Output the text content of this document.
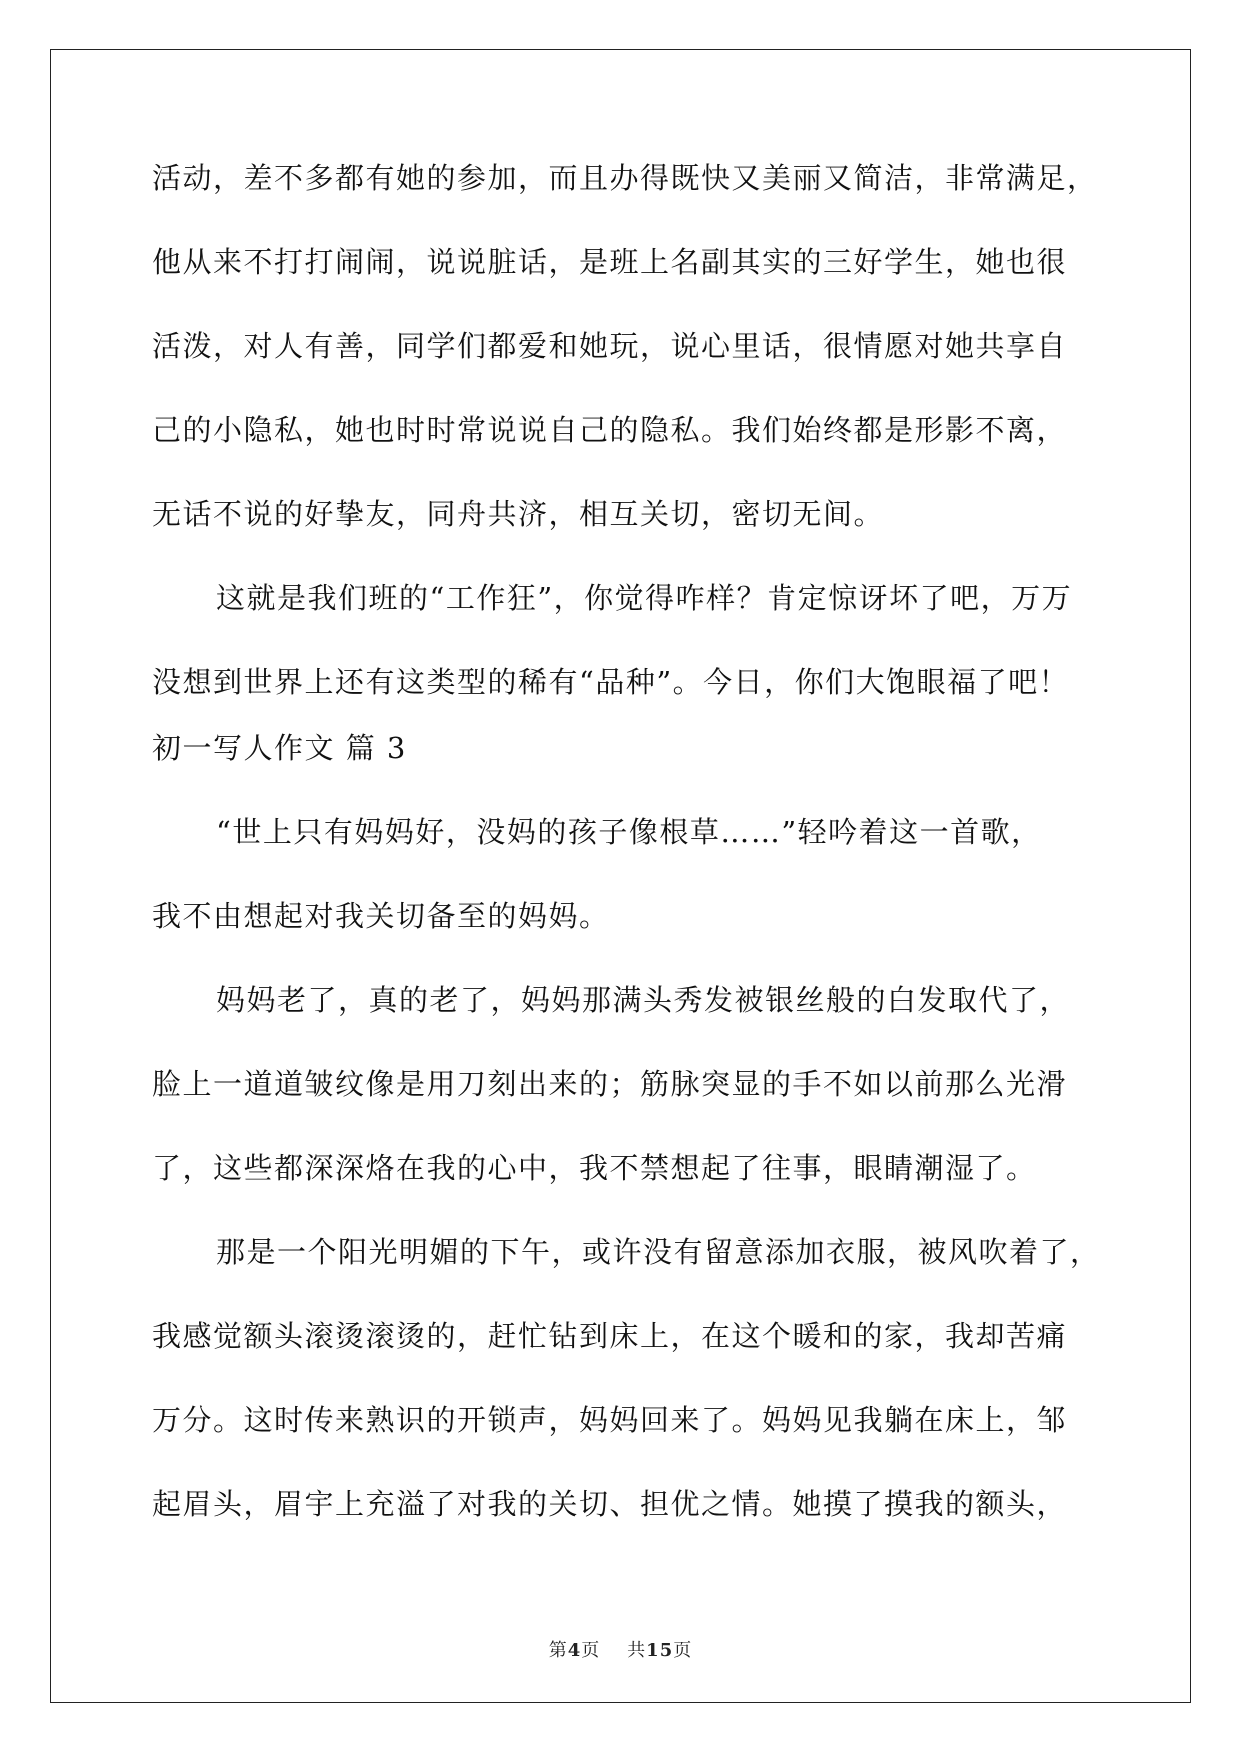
活动，差不多都有她的参加，而且办得既快又美丽又简洁，非常满足，
他从来不打打闹闹，说说脏话，是班上名副其实的三好学生，她也很
活泼，对人有善，同学们都爱和她玩，说心里话，很情愿对她共享自
己的小隐私，她也时时常说说自己的隐私。我们始终都是形影不离，
无话不说的好挚友，同舟共济，相互关切，密切无间。
这就是我们班的“工作狂”，你觉得咋样？肯定惊讶坏了吧，万万
没想到世界上还有这类型的稀有“品种”。今日，你们大饱眼福了吧！
初一写人作文 篇 3
“世上只有妈妈好，没妈的孩子像根草……”轻吟着这一首歌，
我不由想起对我关切备至的妈妈。
妈妈老了，真的老了，妈妈那满头秀发被银丝般的白发取代了，
脸上一道道皱纹像是用刀刻出来的；筋脉突显的手不如以前那么光滑
了，这些都深深烙在我的心中，我不禁想起了往事，眼睛潮湿了。
那是一个阳光明媚的下午，或许没有留意添加衣服，被风吹着了，
我感觉额头滚烫滚烫的，赶忙钻到床上，在这个暖和的家，我却苦痛
万分。这时传来熟识的开锁声，妈妈回来了。妈妈见我躺在床上，邹
起眉头，眉宇上充溢了对我的关切、担优之情。她摸了摸我的额头，
第4页    共15页
